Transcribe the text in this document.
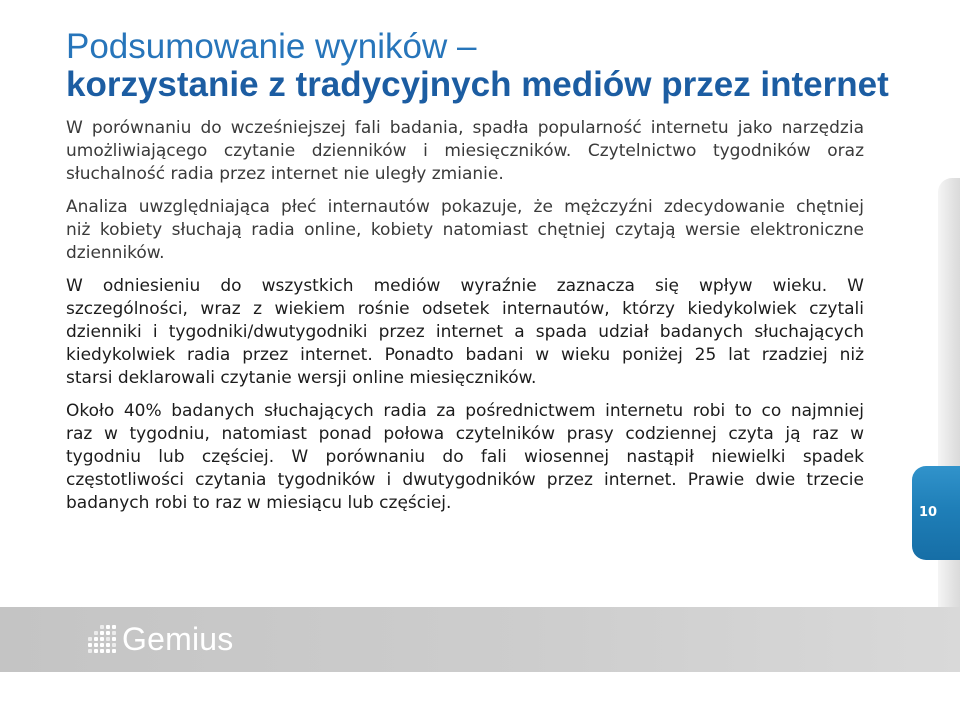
Podsumowanie wyników –
korzystanie z tradycyjnych mediów przez internet
W porównaniu do wcześniejszej fali badania, spadła popularność internetu jako narzędzia
umożliwiającego czytanie dzienników i miesięczników. Czytelnictwo tygodników oraz
słuchalność radia przez internet nie uległy zmianie.
Analiza uwzględniająca płeć internautów pokazuje, że mężczyźni zdecydowanie chętniej
niż kobiety słuchają radia online, kobiety natomiast chętniej czytają wersie elektroniczne
dzienników.
W odniesieniu do wszystkich mediów wyraźnie zaznacza się wpływ wieku. W
szczególności, wraz z wiekiem rośnie odsetek internautów, którzy kiedykolwiek czytali
dzienniki i tygodniki/dwutygodniki przez internet a spada udział badanych słuchających
kiedykolwiek radia przez internet. Ponadto badani w wieku poniżej 25 lat rzadziej niż
starsi deklarowali czytanie wersji online miesięczników.
Około 40% badanych słuchających radia za pośrednictwem internetu robi to co najmniej
raz w tygodniu, natomiast ponad połowa czytelników prasy codziennej czyta ją raz w
tygodniu lub częściej. W porównaniu do fali wiosennej nastąpił niewielki spadek
częstotliwości czytania tygodników i dwutygodników przez internet. Prawie dwie trzecie
badanych robi to raz w miesiącu lub częściej.	10
Gemius
